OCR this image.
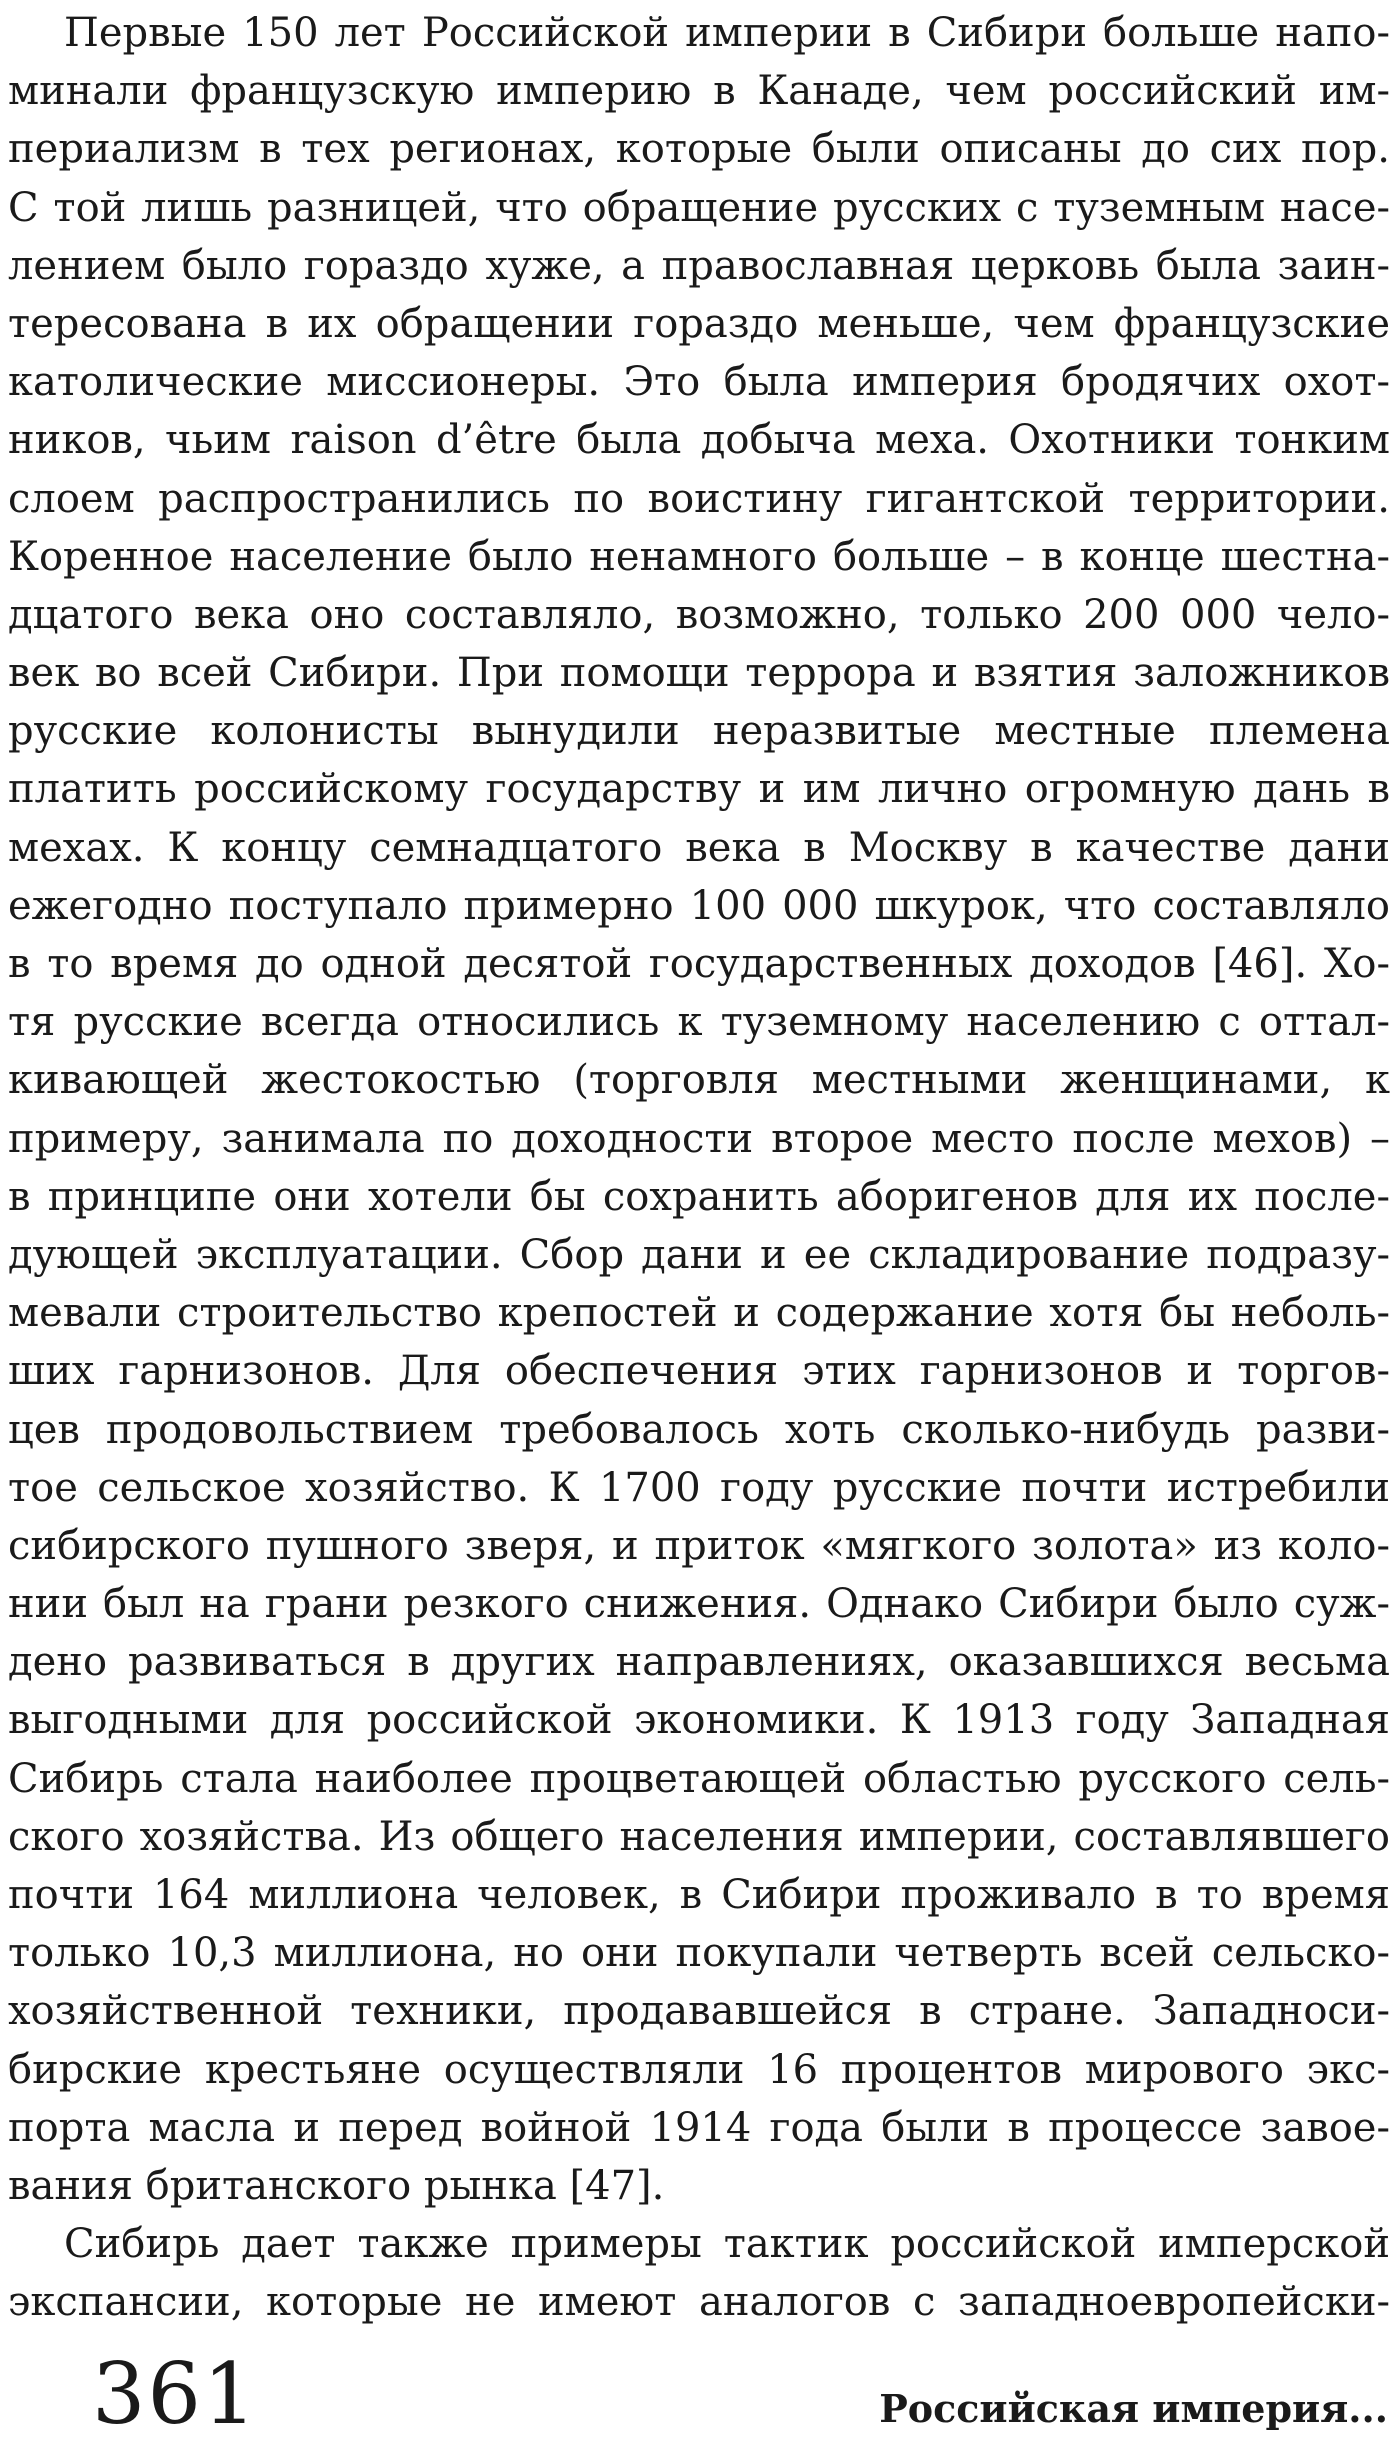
Первые 150 лет Российской империи в Сибири больше напо-
минали французскую империю в Канаде, чем российский им-
периализм в тех регионах, которые были описаны до сих пор.
С той лишь разницей, что обращение русских с туземным насе-
лением было гораздо хуже, а православная церковь была заин-
тересована в их обращении гораздо меньше, чем французские
католические миссионеры. Это была империя бродячих охот-
ников, чьим raison d’être была добыча меха. Охотники тонким
слоем распространились по воистину гигантской территории.
Коренное население было ненамного больше – в конце шестна-
дцатого века оно составляло, возможно, только 200 000 чело-
век во всей Сибири. При помощи террора и взятия заложников
русские колонисты вынудили неразвитые местные племена
платить российскому государству и им лично огромную дань в
мехах. К концу семнадцатого века в Москву в качестве дани
ежегодно поступало примерно 100 000 шкурок, что составляло
в то время до одной десятой государственных доходов [46]. Хо-
тя русские всегда относились к туземному населению с оттал-
кивающей жестокостью (торговля местными женщинами, к
примеру, занимала по доходности второе место после мехов) –
в принципе они хотели бы сохранить аборигенов для их после-
дующей эксплуатации. Сбор дани и ее складирование подразу-
мевали строительство крепостей и содержание хотя бы неболь-
ших гарнизонов. Для обеспечения этих гарнизонов и торгов-
цев продовольствием требовалось хоть сколько-нибудь разви-
тое сельское хозяйство. К 1700 году русские почти истребили
сибирского пушного зверя, и приток «мягкого золота» из коло-
нии был на грани резкого снижения. Однако Сибири было суж-
дено развиваться в других направлениях, оказавшихся весьма
выгодными для российской экономики. К 1913 году Западная
Сибирь стала наиболее процветающей областью русского сель-
ского хозяйства. Из общего населения империи, составлявшего
почти 164 миллиона человек, в Сибири проживало в то время
только 10,3 миллиона, но они покупали четверть всей сельско-
хозяйственной техники, продававшейся в стране. Западноси-
бирские крестьяне осуществляли 16 процентов мирового экс-
порта масла и перед войной 1914 года были в процессе завое-
вания британского рынка [47].
Сибирь дает также примеры тактик российской имперской
экспансии, которые не имеют аналогов с западноевропейски-
361	Российская империя...
